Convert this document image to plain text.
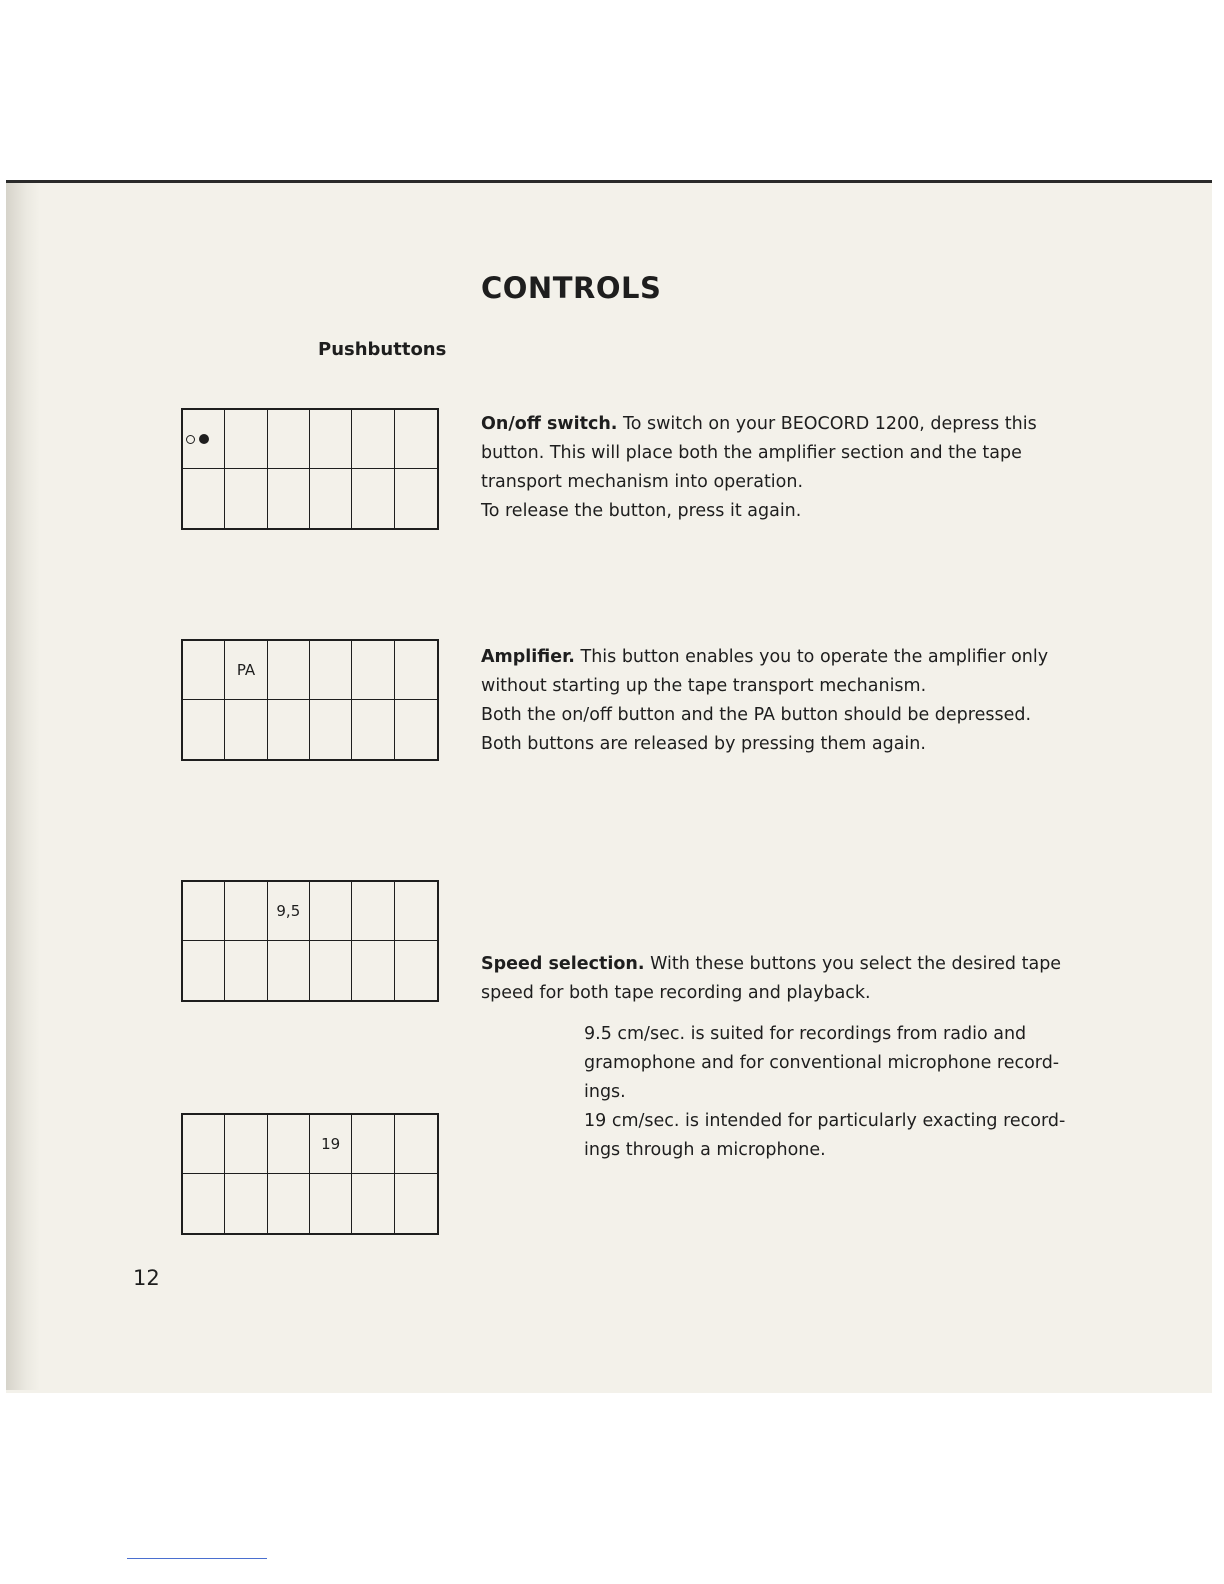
CONTROLS
Pushbuttons

On/off switch. To switch on your BEOCORD 1200, depress this

button. This will place both the amplifier section and the tape

transport mechanism into operation.

To release the button, press it again.

PA

Amplifier. This button enables you to operate the amplifier only

without starting up the tape transport mechanism.

Both the on/off button and the PA button should be depressed.

Both buttons are released by pressing them again.

9,5

Speed selection. With these buttons you select the desired tape

speed for both tape recording and playback.

9.5 cm/sec. is suited for recordings from radio and

gramophone and for conventional microphone record-

ings.

19 cm/sec. is intended for particularly exacting record-

ings through a microphone.

19

12
